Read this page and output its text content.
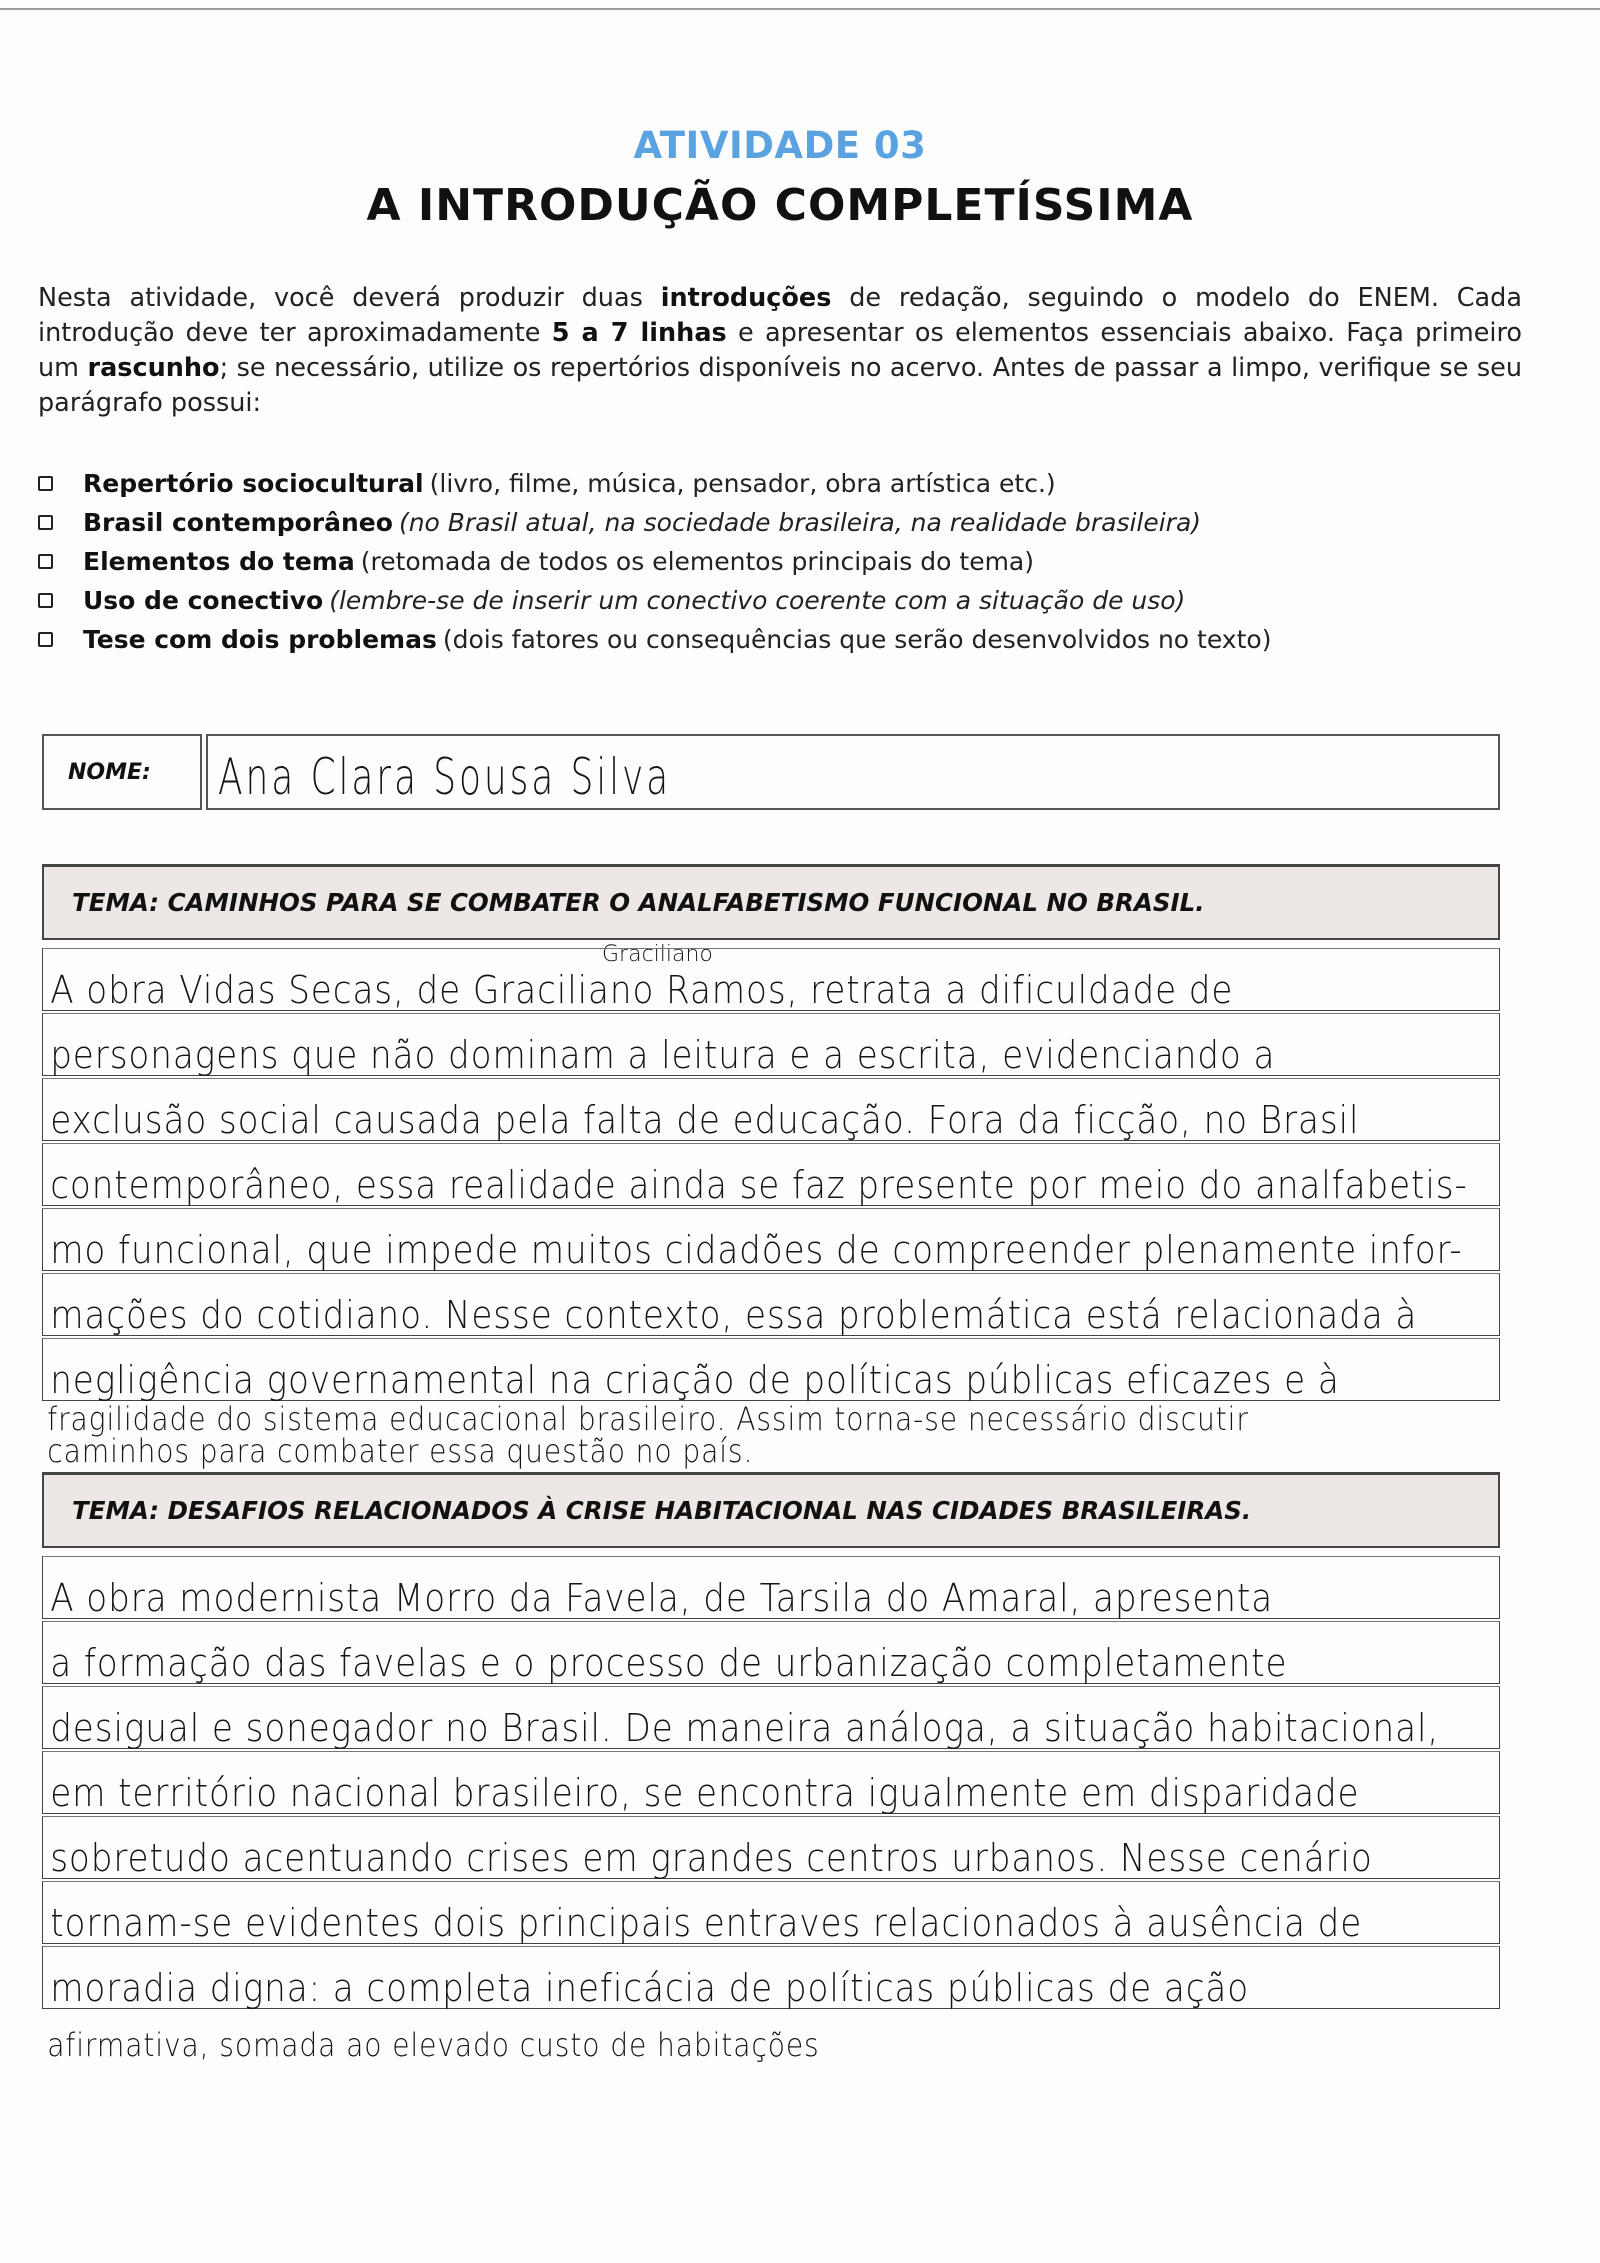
ATIVIDADE 03
A INTRODUÇÃO COMPLETÍSSIMA
Nesta atividade, você deverá produzir duas introduções de redação, seguindo o modelo do ENEM. Cada introdução deve ter aproximadamente 5 a 7 linhas e apresentar os elementos essenciais abaixo. Faça primeiro um rascunho; se necessário, utilize os repertórios disponíveis no acervo. Antes de passar a limpo, verifique se seu parágrafo possui:
Repertório sociocultural (livro, filme, música, pensador, obra artística etc.)
Brasil contemporâneo (no Brasil atual, na sociedade brasileira, na realidade brasileira)
Elementos do tema (retomada de todos os elementos principais do tema)
Uso de conectivo (lembre-se de inserir um conectivo coerente com a situação de uso)
Tese com dois problemas (dois fatores ou consequências que serão desenvolvidos no texto)
NOME:	Ana Clara Sousa Silva
TEMA: CAMINHOS PARA SE COMBATER O ANALFABETISMO FUNCIONAL NO BRASIL.
Graciliano
A obra Vidas Secas, de Graciliano Ramos, retrata a dificuldade de
personagens que não dominam a leitura e a escrita, evidenciando a
exclusão social causada pela falta de educação. Fora da ficção, no Brasil
contemporâneo, essa realidade ainda se faz presente por meio do analfabetis-
mo funcional, que impede muitos cidadões de compreender plenamente infor-
mações do cotidiano. Nesse contexto, essa problemática está relacionada à
negligência governamental na criação de políticas públicas eficazes e à
fragilidade do sistema educacional brasileiro. Assim torna-se necessário discutir
caminhos para combater essa questão no país.
TEMA: DESAFIOS RELACIONADOS À CRISE HABITACIONAL NAS CIDADES BRASILEIRAS.
A obra modernista Morro da Favela, de Tarsila do Amaral, apresenta
a formação das favelas e o processo de urbanização completamente
desigual e sonegador no Brasil. De maneira análoga, a situação habitacional,
em território nacional brasileiro, se encontra igualmente em disparidade
sobretudo acentuando crises em grandes centros urbanos. Nesse cenário
tornam-se evidentes dois principais entraves relacionados à ausência de
moradia digna: a completa ineficácia de políticas públicas de ação
afirmativa, somada ao elevado custo de habitações
